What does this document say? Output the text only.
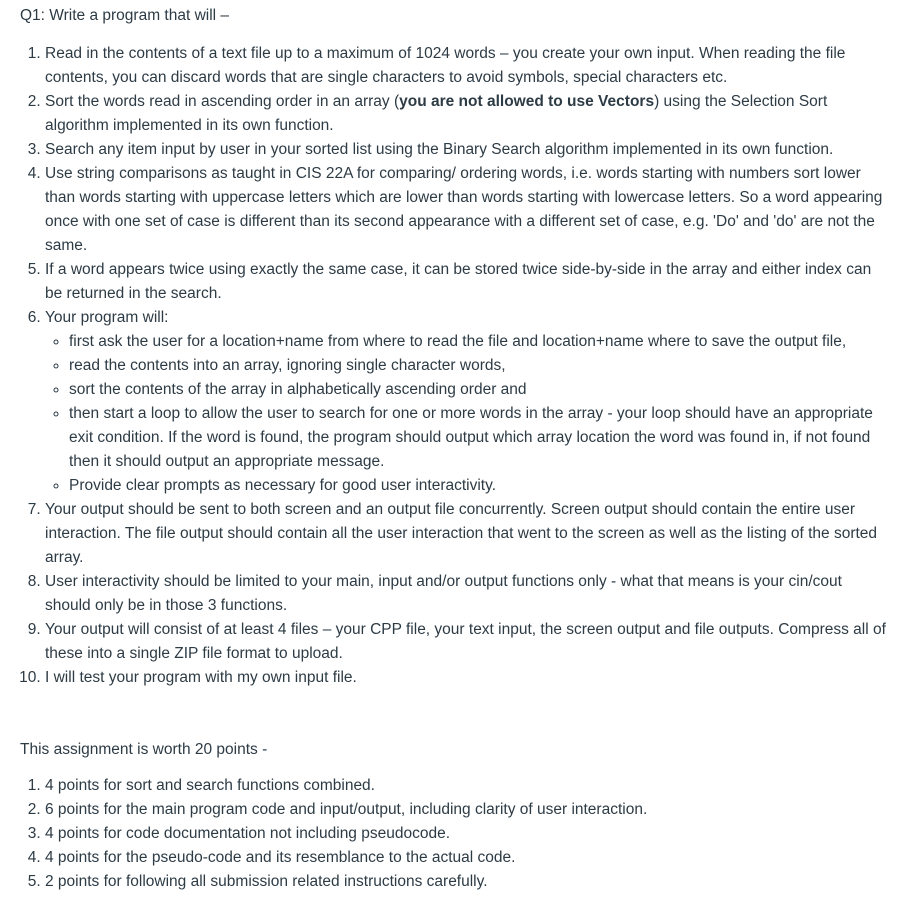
Q1: Write a program that will –

1. Read in the contents of a text file up to a maximum of 1024 words – you create your own input. When reading the file contents, you can discard words that are single characters to avoid symbols, special characters etc.
2. Sort the words read in ascending order in an array (you are not allowed to use Vectors) using the Selection Sort algorithm implemented in its own function.
3. Search any item input by user in your sorted list using the Binary Search algorithm implemented in its own function.
4. Use string comparisons as taught in CIS 22A for comparing/ ordering words, i.e. words starting with numbers sort lower than words starting with uppercase letters which are lower than words starting with lowercase letters. So a word appearing once with one set of case is different than its second appearance with a different set of case, e.g. 'Do' and 'do' are not the same.
5. If a word appears twice using exactly the same case, it can be stored twice side-by-side in the array and either index can be returned in the search.
6. Your program will:
◦ first ask the user for a location+name from where to read the file and location+name where to save the output file,
◦ read the contents into an array, ignoring single character words,
◦ sort the contents of the array in alphabetically ascending order and
◦ then start a loop to allow the user to search for one or more words in the array - your loop should have an appropriate exit condition. If the word is found, the program should output which array location the word was found in, if not found then it should output an appropriate message.
◦ Provide clear prompts as necessary for good user interactivity.
7. Your output should be sent to both screen and an output file concurrently. Screen output should contain the entire user interaction. The file output should contain all the user interaction that went to the screen as well as the listing of the sorted array.
8. User interactivity should be limited to your main, input and/or output functions only - what that means is your cin/cout should only be in those 3 functions.
9. Your output will consist of at least 4 files – your CPP file, your text input, the screen output and file outputs. Compress all of these into a single ZIP file format to upload.
10. I will test your program with my own input file.

This assignment is worth 20 points -

1. 4 points for sort and search functions combined.
2. 6 points for the main program code and input/output, including clarity of user interaction.
3. 4 points for code documentation not including pseudocode.
4. 4 points for the pseudo-code and its resemblance to the actual code.
5. 2 points for following all submission related instructions carefully.
